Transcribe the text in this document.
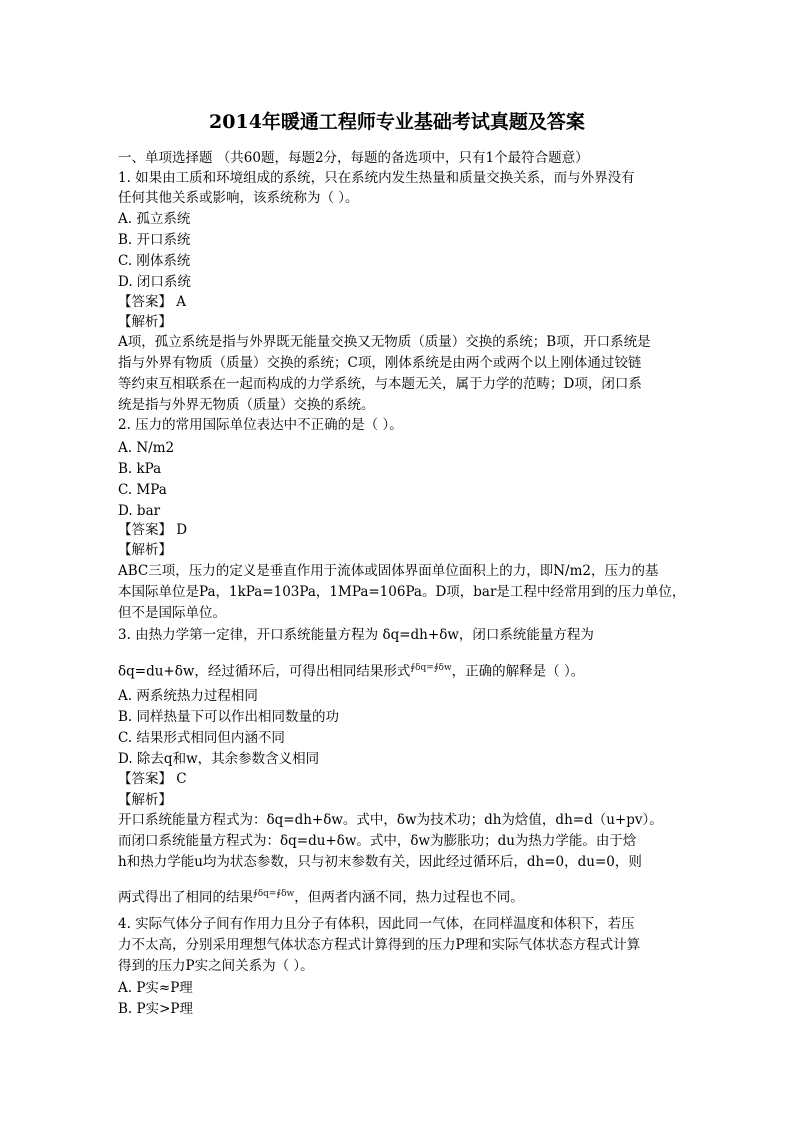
2014年暖通工程师专业基础考试真题及答案
一、单项选择题 （共60题，每题2分，每题的备选项中，只有1个最符合题意）
1. 如果由工质和环境组成的系统，只在系统内发生热量和质量交换关系，而与外界没有
任何其他关系或影响，该系统称为（ ）。
A. 孤立系统
B. 开口系统
C. 刚体系统
D. 闭口系统
【答案】 A
【解析】
A项，孤立系统是指与外界既无能量交换又无物质（质量）交换的系统；B项，开口系统是
指与外界有物质（质量）交换的系统；C项，刚体系统是由两个或两个以上刚体通过铰链
等约束互相联系在一起而构成的力学系统，与本题无关，属于力学的范畴；D项，闭口系
统是指与外界无物质（质量）交换的系统。
2. 压力的常用国际单位表达中不正确的是（ ）。
A. N/m2
B. kPa
C. MPa
D. bar
【答案】 D
【解析】
ABC三项，压力的定义是垂直作用于流体或固体界面单位面积上的力，即N/m2，压力的基
本国际单位是Pa，1kPa=103Pa，1MPa=106Pa。D项，bar是工程中经常用到的压力单位，
但不是国际单位。
3. 由热力学第一定律，开口系统能量方程为 δq=dh+δw，闭口系统能量方程为
δq=du+δw，经过循环后，可得出相同结果形式∮δq=∮δw，正确的解释是（ ）。
A. 两系统热力过程相同
B. 同样热量下可以作出相同数量的功
C. 结果形式相同但内涵不同
D. 除去q和w，其余参数含义相同
【答案】 C
【解析】
开口系统能量方程式为：δq=dh+δw。式中，δw为技术功；dh为焓值，dh=d（u+pv）。
而闭口系统能量方程式为：δq=du+δw。式中，δw为膨胀功；du为热力学能。由于焓
h和热力学能u均为状态参数，只与初末参数有关，因此经过循环后，dh=0，du=0，则
两式得出了相同的结果∮δq=∮δw，但两者内涵不同，热力过程也不同。
4. 实际气体分子间有作用力且分子有体积，因此同一气体，在同样温度和体积下，若压
力不太高，分别采用理想气体状态方程式计算得到的压力P理和实际气体状态方程式计算
得到的压力P实之间关系为（ ）。
A. P实≈P理
B. P实>P理
